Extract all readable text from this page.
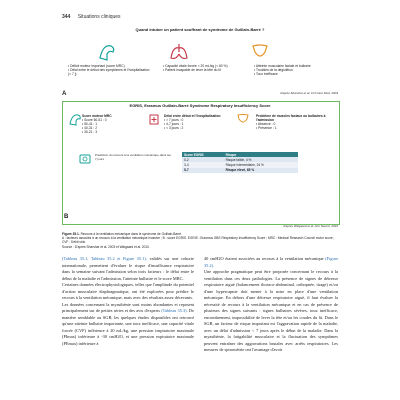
344 Situations cliniques
Quand intuber un patient souffrant de syndrome de Guillain-Barré ?
• Déficit moteur important (score MRC)
• Délai entre le début des symptômes et l'hospitalisation (< 7 j)
• Capacité vitale forcée < 20 mL/kg (< 60 %)
• Patient incapable de lever la tête du lit
• Atteinte musculaire faciale et bulbaire
• Troubles de la déglutition
• Toux inefficace
A	d'après Sharshar et al. Crit Care Med, 2003
EGRIS, Erasmus Guillain-Barré Syndrome Respiratory Insufficiency Score
Score moteur MRC
• Score 60-51 : 0
• 50-41 : 1
• 40-31 : 2
• 30-21 : 3
Délai entre début et l'hospitalisation
• > 7 jours : 0
• 4-7 jours : 1
• < 3 jours : 2
Problème de muscles faciaux ou bulbaires à l'admission
• Absence : 0
• Présence : 1
Prédiction du recours à la ventilation mécanique dans les 7 jours
Score EGRIS	Risque
0-2	Risque faible, 4 %
3-4	Risque intermédiaire, 24 %
5-7	Risque élevé, 65 %
B
d'après Walgaard et al. Ann Neurol, 2010
Figure 35.1. Recours à la ventilation mécanique dans le syndrome de Guillain-Barré.
A : facteurs associés à un recours à la ventilation mécanique invasive ; B : score EGRIS. EGRIS : Erasmus GBS Respiratory Insufficiency Score ; MRC : Medical Research Council motor score ; CVF : Débit vélo.
Source : D'après Sharshar et al. 2003 et Walgaard et al. 2010.
(Tableau 35.1, Tableau 35.2 et Figure 35.1), validés sur une cohorte internationale, permettent d'évaluer le risque d'insuffisance respiratoire dans la semaine suivant l'admission selon trois facteurs : le délai entre le début de la maladie et l'admission, l'atteinte bulbaire et le score MRC.
Certaines données électrophysiologiques, telles que l'amplitude du potentiel d'action musculaire diaphragmatique, ont été explorées pour prédire le recours à la ventilation mécanique, mais avec des résultats assez décevants.
Les données concernant la myasthénie sont moins abondantes et reposent principalement sur de petites séries et des avis d'experts (Tableau 35.3). De manière semblable au SGB, les quelques études disponibles ont retrouvé qu'une atteinte bulbaire importante, une toux inefficace, une capacité vitale forcée (CVF) inférieure à 20 mL/kg, une pression inspiratoire maximale (PImax) inférieure à -30 cmH2O, et une pression expiratoire maximale (PEmax) inférieure à
40 cmH2O étaient associées au recours à la ventilation mécanique (Figure 35.2).
Une approche pragmatique peut être proposée concernant le recours à la ventilation dans ces deux pathologies. La présence de signes de détresse respiratoire aiguë (balancement thoraco-abdominal, orthopnée, tirage) et/ou d'une hypercapnie doit mener à la mise en place d'une ventilation mécanique. En dehors d'une détresse respiratoire aiguë, il faut évaluer la nécessité de recours à la ventilation mécanique et en cas de présence de plusieurs des signes suivants : signes bulbaires sévères, toux inefficace, encombrement, impossibilité de lever la tête et/ou les coudes du lit. Dans le SGB, un facteur de risque important est l'aggravation rapide de la maladie, avec un délai d'admission < 7 jours après le début de la maladie. Dans la myasthénie, la fatigabilité musculaire et la fluctuation des symptômes peuvent entraîner des aggravations brutales avec arrêts respiratoires. Les mesures de spirométrie ont l'avantage d'avoir
